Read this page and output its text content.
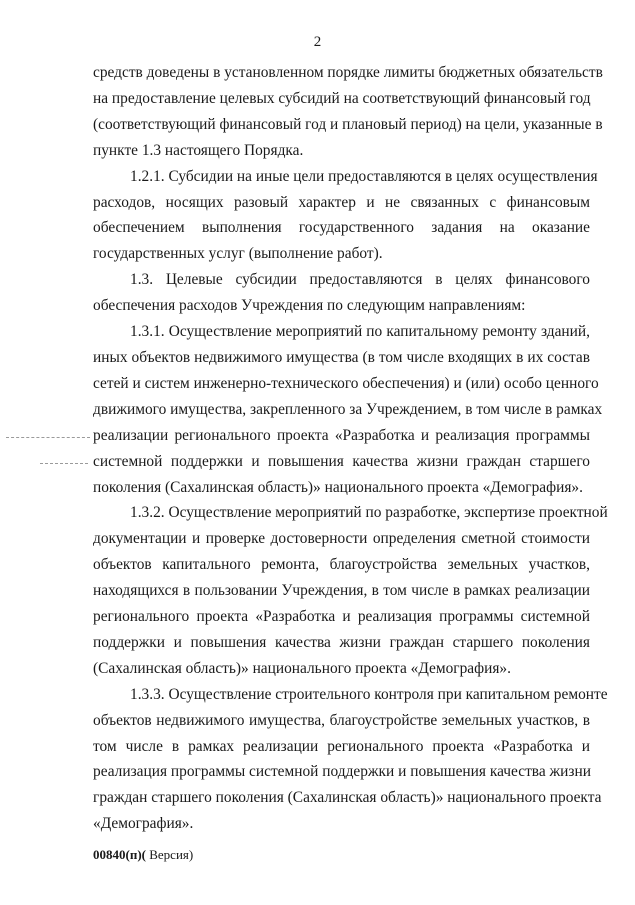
2

средств доведены в установленном порядке лимиты бюджетных обязательств
на предоставление целевых субсидий на соответствующий финансовый год
(соответствующий финансовый год и плановый период) на цели, указанные в
пункте 1.3 настоящего Порядка.

1.2.1. Субсидии на иные цели предоставляются в целях осуществления
расходов, носящих разовый характер и не связанных с финансовым
обеспечением выполнения государственного задания на оказание
государственных услуг (выполнение работ).

1.3. Целевые субсидии предоставляются в целях финансового
обеспечения расходов Учреждения по следующим направлениям:

1.3.1. Осуществление мероприятий по капитальному ремонту зданий,
иных объектов недвижимого имущества (в том числе входящих в их состав
сетей и систем инженерно-технического обеспечения) и (или) особо ценного
движимого имущества, закрепленного за Учреждением, в том числе в рамках
реализации регионального проекта «Разработка и реализация программы
системной поддержки и повышения качества жизни граждан старшего
поколения (Сахалинская область)» национального проекта «Демография».

1.3.2. Осуществление мероприятий по разработке, экспертизе проектной
документации и проверке достоверности определения сметной стоимости
объектов капитального ремонта, благоустройства земельных участков,
находящихся в пользовании Учреждения, в том числе в рамках реализации
регионального проекта «Разработка и реализация программы системной
поддержки и повышения качества жизни граждан старшего поколения
(Сахалинская область)» национального проекта «Демография».

1.3.3. Осуществление строительного контроля при капитальном ремонте
объектов недвижимого имущества, благоустройстве земельных участков, в
том числе в рамках реализации регионального проекта «Разработка и
реализация программы системной поддержки и повышения качества жизни
граждан старшего поколения (Сахалинская область)» национального проекта
«Демография».

00840(п)( Версия)
